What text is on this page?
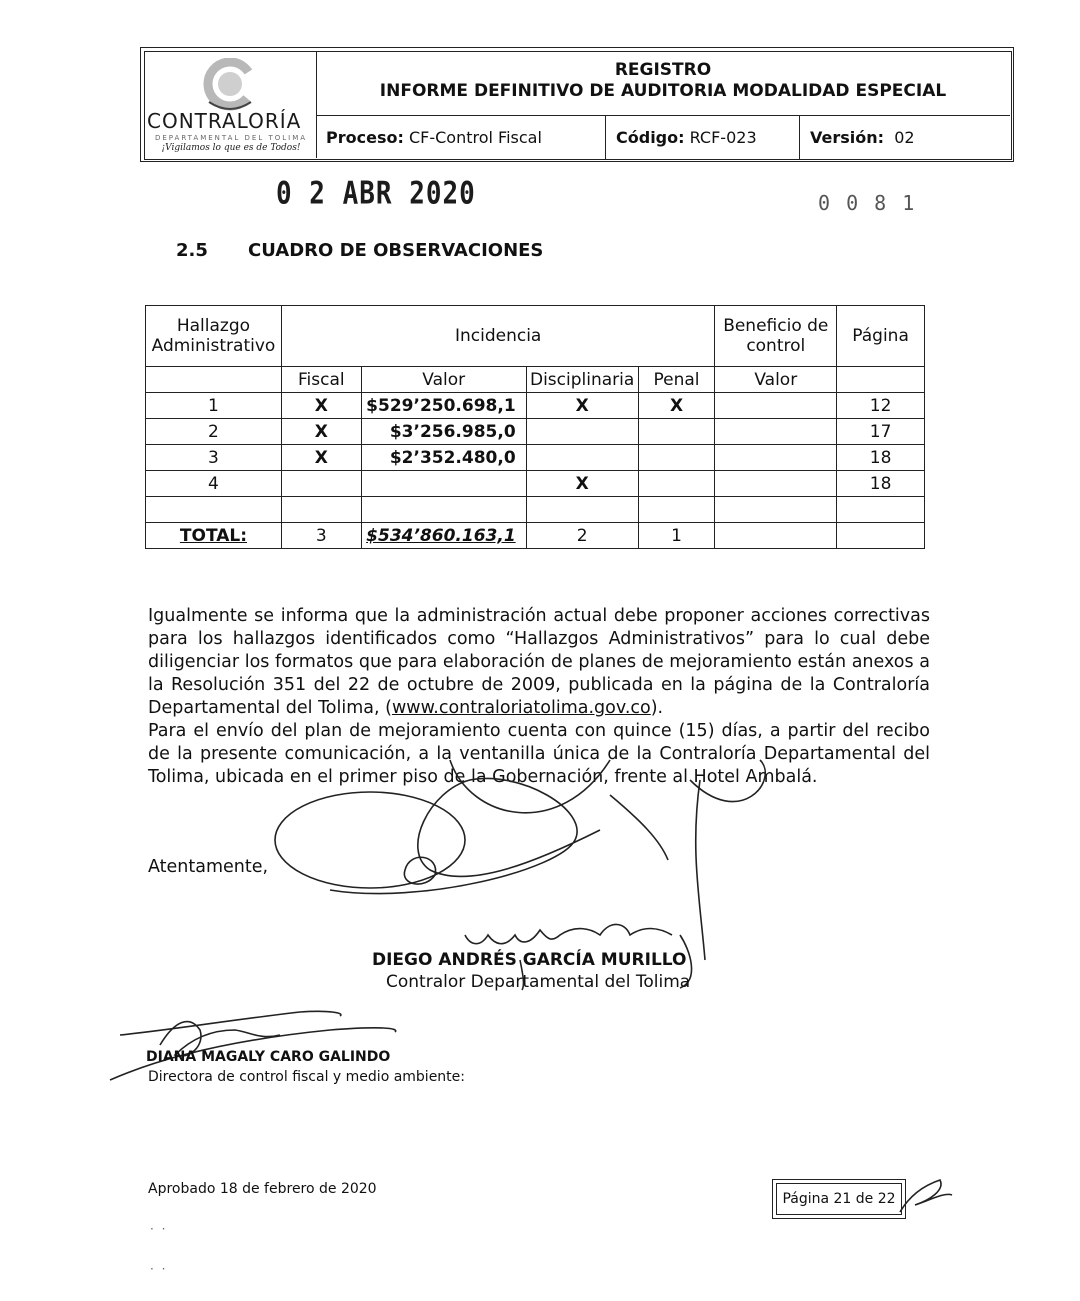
CONTRALORÍA
DEPARTAMENTAL DEL TOLIMA
¡Vigilamos lo que es de Todos!
REGISTRO
INFORME DEFINITIVO DE AUDITORIA MODALIDAD ESPECIAL
Proceso: CF-Control Fiscal	Código: RCF-023	Versión: 02
0 2 ABR 2020	0 0 8 1
2.5 CUADRO DE OBSERVACIONES
Hallazgo Administrativo	Incidencia				Beneficio de control	Página
	Fiscal	Valor	Disciplinaria	Penal	Valor	
1	X	$529’250.698,1	X	X		12
2	X	$3’256.985,0				17
3	X	$2’352.480,0				18
4			X			18

TOTAL:	3	$534’860.163,1	2	1		
Igualmente se informa que la administración actual debe proponer acciones correctivas para los hallazgos identificados como “Hallazgos Administrativos” para lo cual debe diligenciar los formatos que para elaboración de planes de mejoramiento están anexos a la Resolución 351 del 22 de octubre de 2009, publicada en la página de la Contraloría Departamental del Tolima, (www.contraloriatolima.gov.co).
Para el envío del plan de mejoramiento cuenta con quince (15) días, a partir del recibo de la presente comunicación, a la ventanilla única de la Contraloría Departamental del Tolima, ubicada en el primer piso de la Gobernación, frente al Hotel Ambalá.
Atentamente,
DIEGO ANDRÉS GARCÍA MURILLO
Contralor Departamental del Tolima
DIANA MAGALY CARO GALINDO
Directora de control fiscal y medio ambiente:
Aprobado 18 de febrero de 2020
Página 21 de 22
· ·
· ·
